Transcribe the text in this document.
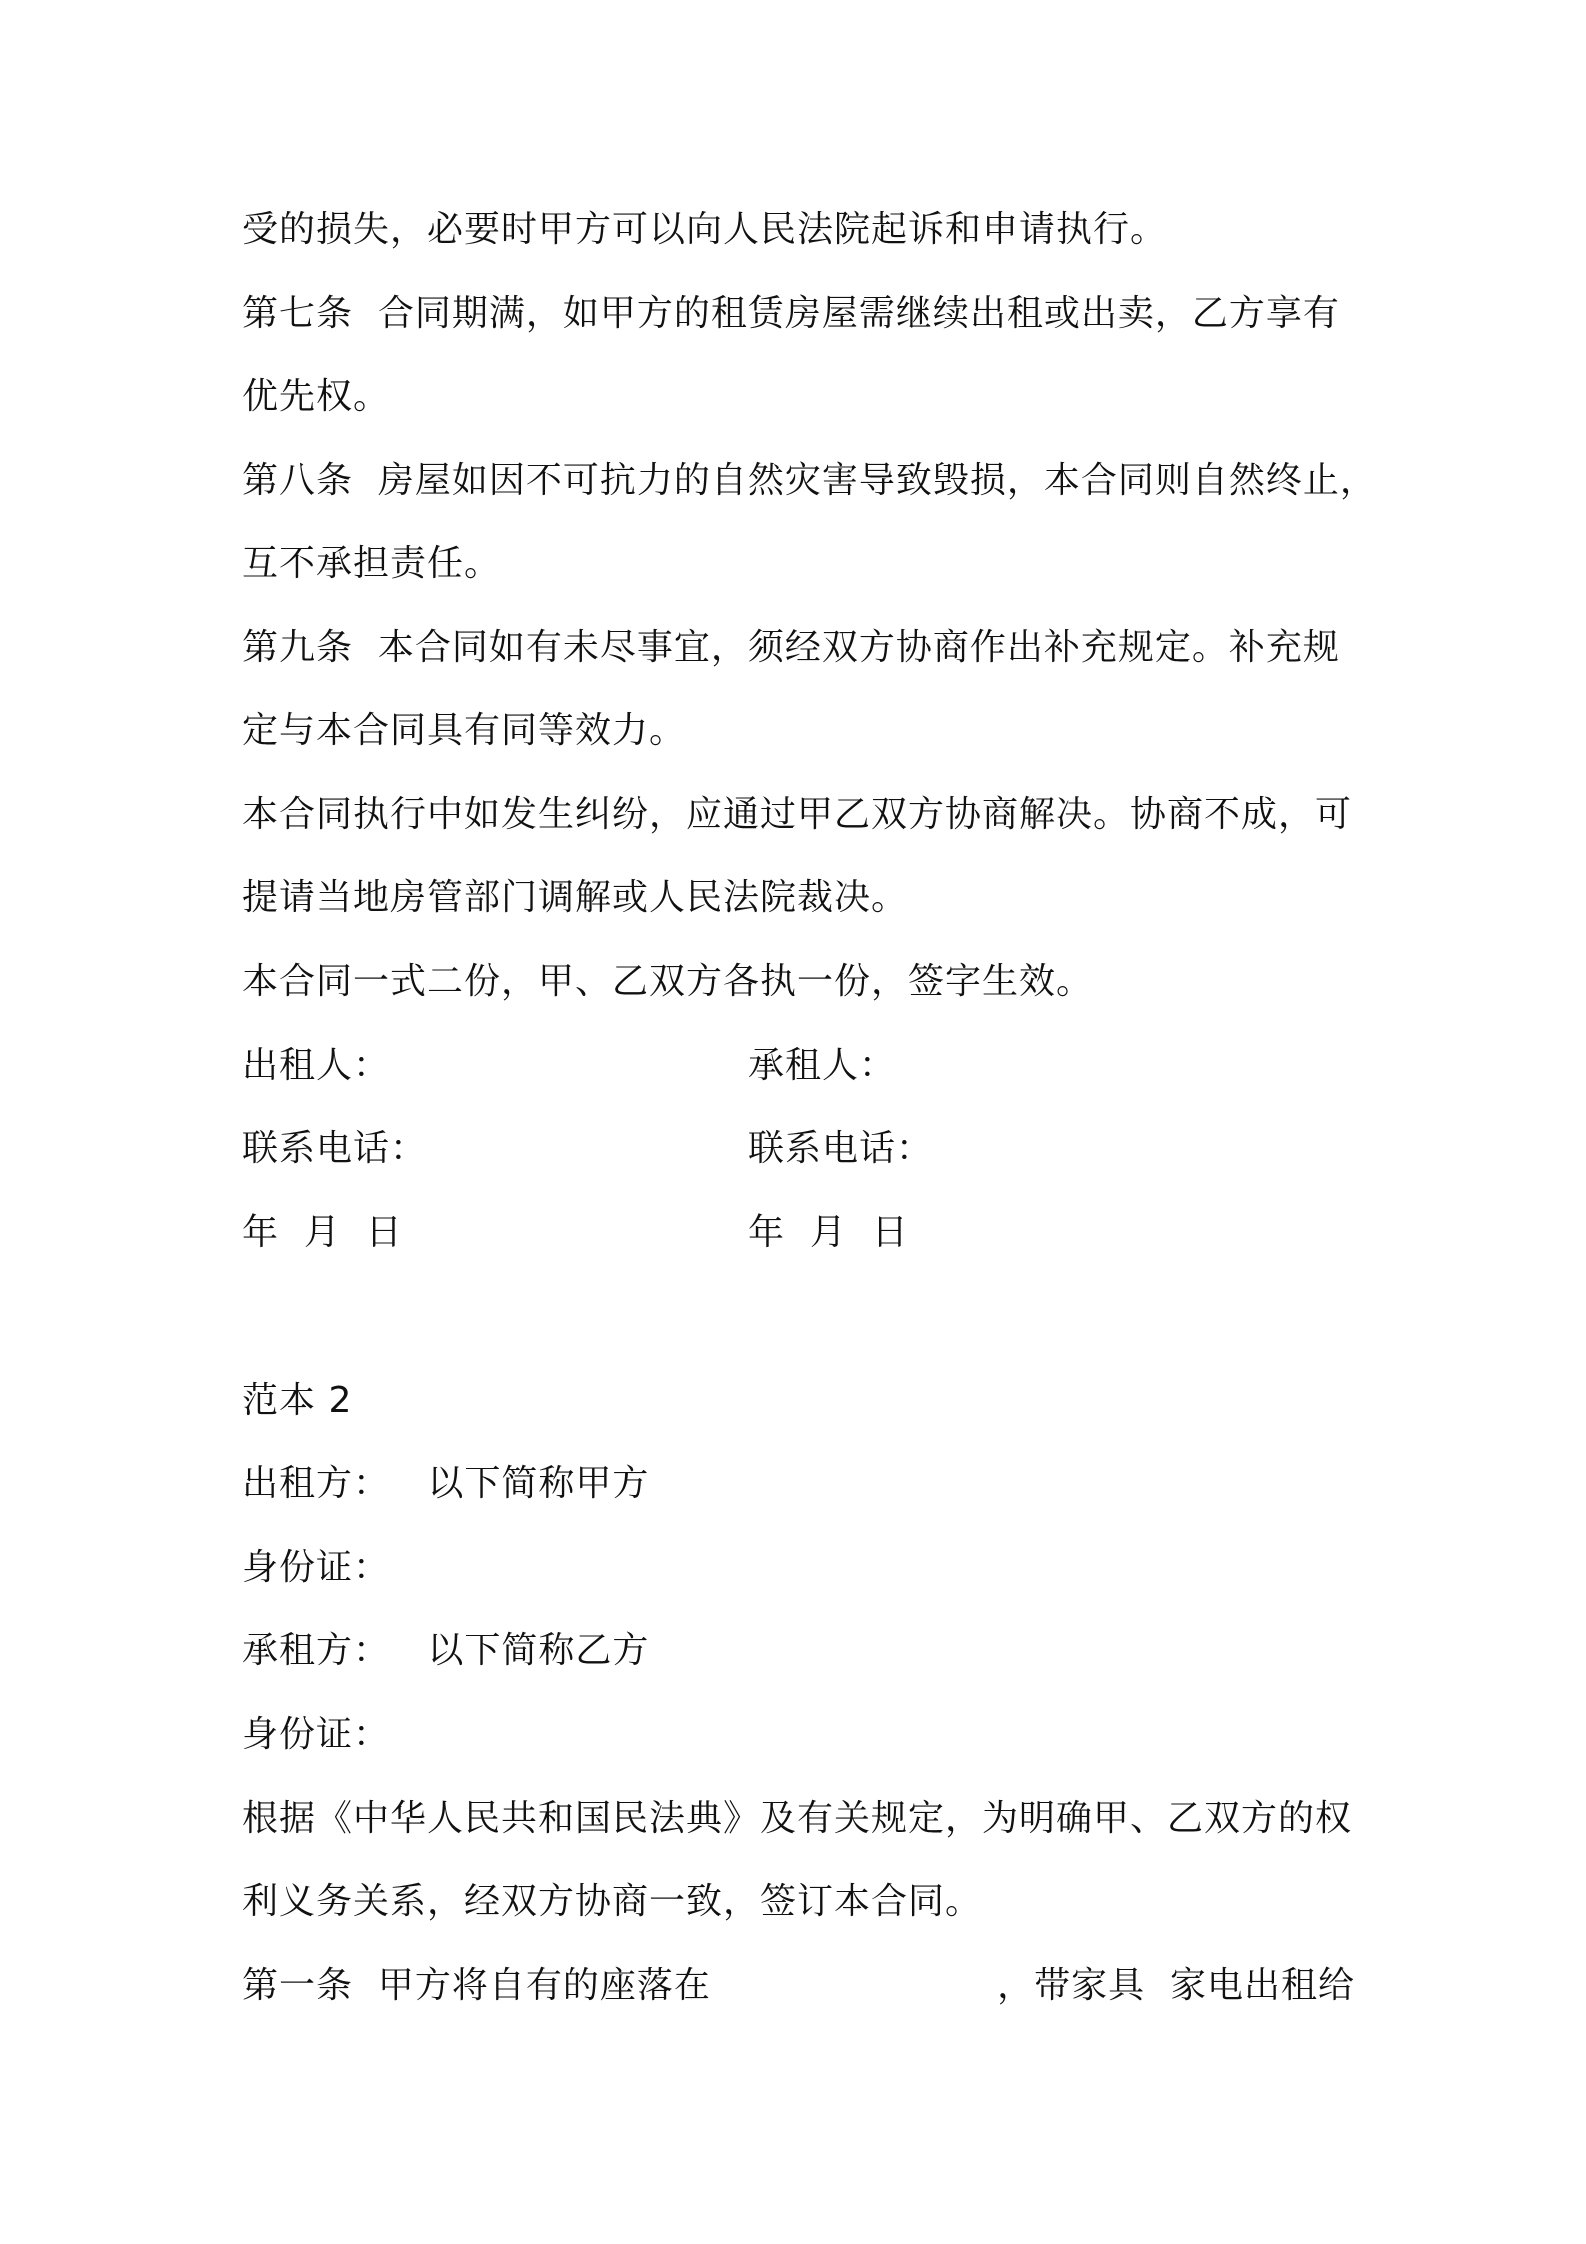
受的损失，必要时甲方可以向人民法院起诉和申请执行。
第七条  合同期满，如甲方的租赁房屋需继续出租或出卖，乙方享有
优先权。
第八条  房屋如因不可抗力的自然灾害导致毁损，本合同则自然终止，
互不承担责任。
第九条  本合同如有未尽事宜，须经双方协商作出补充规定。补充规
定与本合同具有同等效力。
本合同执行中如发生纠纷，应通过甲乙双方协商解决。协商不成，可
提请当地房管部门调解或人民法院裁决。
本合同一式二份，甲、乙双方各执一份，签字生效。
出租人：	承租人：
联系电话：	联系电话：
年  月  日	年  月  日
范本 2
出租方：   以下简称甲方
身份证：
承租方：   以下简称乙方
身份证：
根据《中华人民共和国民法典》及有关规定，为明确甲、乙双方的权
利义务关系，经双方协商一致，签订本合同。
第一条  甲方将自有的座落在                       ，带家具  家电出租给
